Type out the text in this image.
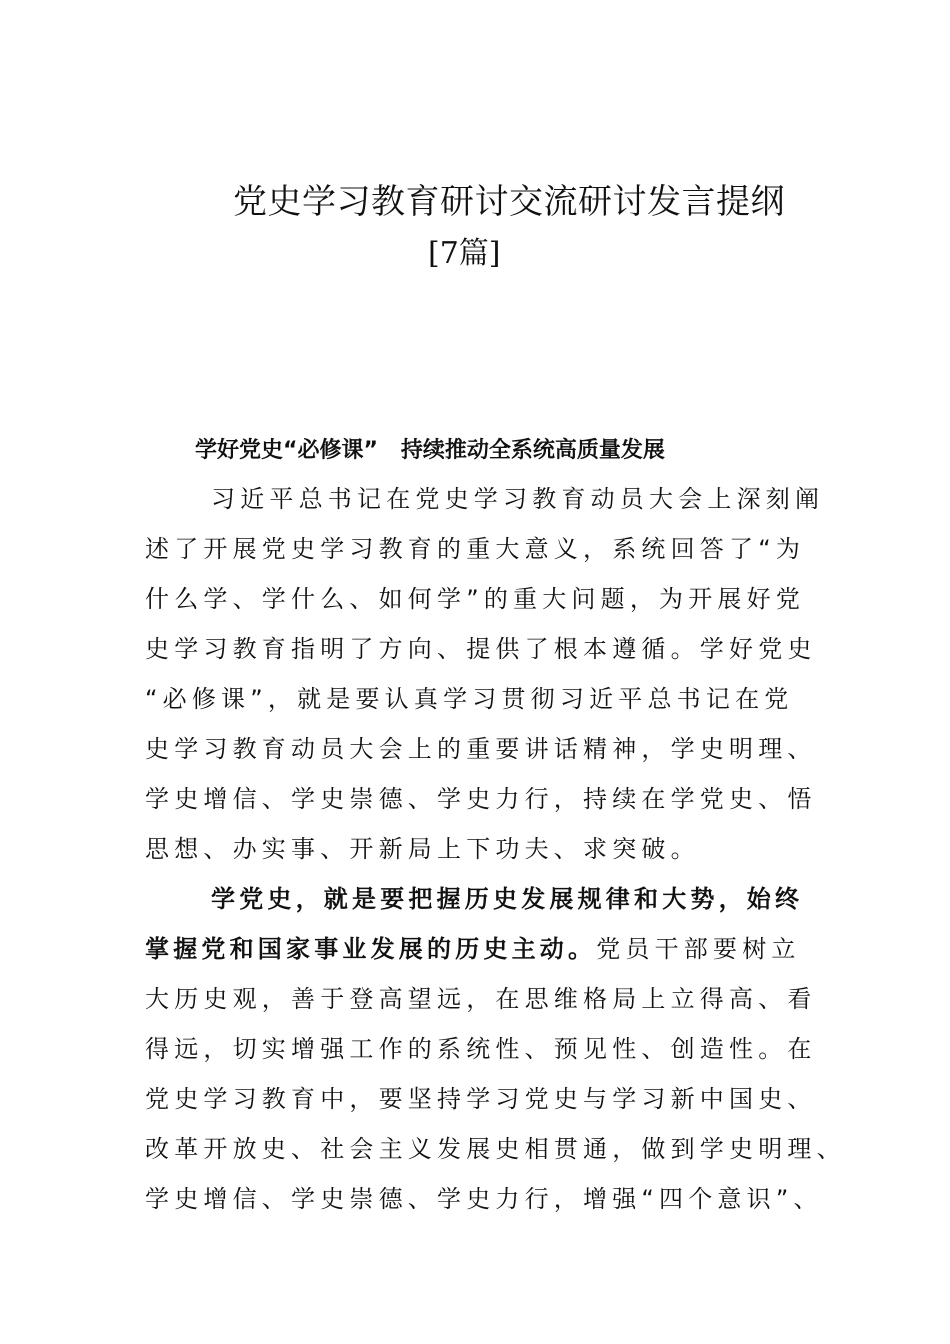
党史学习教育研讨交流研讨发言提纲
[7篇]
学好党史“必修课”   持续推动全系统高质量发展
习近平总书记在党史学习教育动员大会上深刻阐
述了开展党史学习教育的重大意义，系统回答了“为
什么学、学什么、如何学”的重大问题，为开展好党
史学习教育指明了方向、提供了根本遵循。学好党史
“必修课”，就是要认真学习贯彻习近平总书记在党
史学习教育动员大会上的重要讲话精神，学史明理、
学史增信、学史崇德、学史力行，持续在学党史、悟
思想、办实事、开新局上下功夫、求突破。
学党史，就是要把握历史发展规律和大势，始终
掌握党和国家事业发展的历史主动。党员干部要树立
大历史观，善于登高望远，在思维格局上立得高、看
得远，切实增强工作的系统性、预见性、创造性。在
党史学习教育中，要坚持学习党史与学习新中国史、
改革开放史、社会主义发展史相贯通，做到学史明理、
学史增信、学史崇德、学史力行，增强“四个意识”、
